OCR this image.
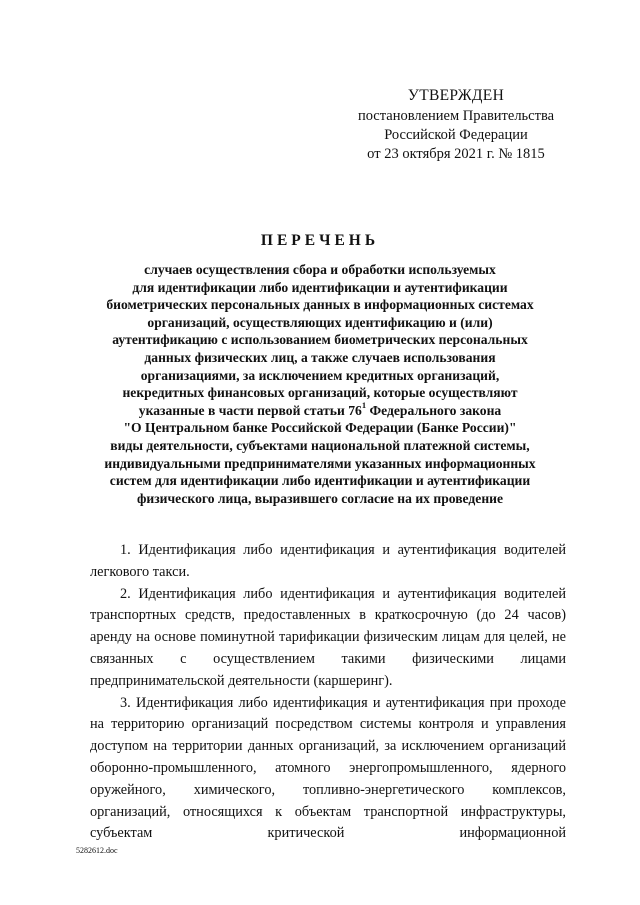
УТВЕРЖДЕН
постановлением Правительства
Российской Федерации
от 23 октября 2021 г. № 1815
ПЕРЕЧЕНЬ
случаев осуществления сбора и обработки используемых
для идентификации либо идентификации и аутентификации
биометрических персональных данных в информационных системах
организаций, осуществляющих идентификацию и (или)
аутентификацию с использованием биометрических персональных
данных физических лиц, а также случаев использования
организациями, за исключением кредитных организаций,
некредитных финансовых организаций, которые осуществляют
указанные в части первой статьи $76^1$ Федерального закона
"О Центральном банке Российской Федерации (Банке России)"
виды деятельности, субъектами национальной платежной системы,
индивидуальными предпринимателями указанных информационных
систем для идентификации либо идентификации и аутентификации
физического лица, выразившего согласие на их проведение

1. Идентификация либо идентификация и аутентификация водителей легкового такси.

2. Идентификация либо идентификация и аутентификация водителей транспортных средств, предоставленных в краткосрочную (до 24 часов) аренду на основе поминутной тарификации физическим лицам для целей, не связанных с осуществлением такими физическими лицами предпринимательской деятельности (каршеринг).

3. Идентификация либо идентификация и аутентификация при проходе на территорию организаций посредством системы контроля и управления доступом на территории данных организаций, за исключением организаций оборонно-промышленного, атомного энергопромышленного, ядерного оружейного, химического, топливно-энергетического комплексов, организаций, относящихся к объектам транспортной инфраструктуры, субъектам критической информационной

5282612.doc
